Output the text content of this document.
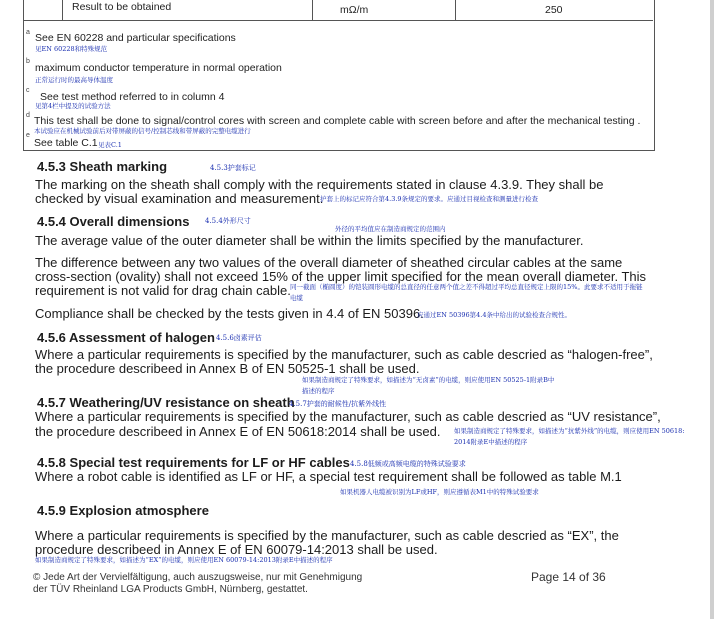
Result to be obtained	mΩ/m	250
a See EN 60228 and particular specifications
见EN 60228和特殊规范
b
maximum conductor temperature in normal operation
正常运行时的最高导体温度
c
See test method referred to in column 4
见第4栏中提及的试验方法
d This test shall be done to signal/control cores with screen and complete cable with screen before and after the mechanical testing .
本试验应在机械试验前后对带屏蔽的信号/控制芯线和带屏蔽的完整电缆进行
e
See table C.1 见表C.1
4.5.3 Sheath marking	4.5.3护套标记
The marking on the sheath shall comply with the requirements stated in clause 4.3.9. They shall be
checked by visual examination and measurement.
护套上的标记应符合第4.3.9条规定的要求。应通过目视检查和测量进行检查
4.5.4 Overall dimensions 4.5.4外形尺寸
外径的平均值应在制造商规定的范围内
The average value of the outer diameter shall be within the limits specified by the manufacturer.
The difference between any two values of the overall diameter of sheathed circular cables at the same
cross-section (ovality) shall not exceed 15% of the upper limit specified for the mean overall diameter. This
requirement is not valid for drag chain cable. 同一截面（椭圆度）的铠装圆形电缆的总直径的任意两个值之差不得超过平均总直径规定上限的15%。此要求不适用于拖链
电缆
Compliance shall be checked by the tests given in 4.4 of EN 50396.
应通过EN 50396第4.4条中给出的试验检查合规性。
4.5.6 Assessment of halogen 4.5.6卤素评估
Where a particular requirements is specified by the manufacturer, such as cable descried as “halogen-free”,
the procedure describeed in Annex B of EN 50525-1 shall be used.
如果制造商规定了特殊要求，如描述为“无卤素”的电缆，则应使用EN 50525-1附录B中
描述的程序
4.5.7 Weathering/UV resistance on sheath
4.5.7护套的耐候性/抗紫外线性
Where a particular requirements is specified by the manufacturer, such as cable descried as “UV resistance”,
the procedure describeed in Annex E of EN 50618:2014 shall be used. 如果制造商规定了特殊要求，如描述为“抗紫外线”的电缆，则应使用EN 50618:
2014附录E中描述的程序
4.5.8 Special test requirements for LF or HF cables 4.5.8低频或高频电缆的特殊试验要求
Where a robot cable is identified as LF or HF, a special test requirement shall be followed as table M.1
如果机器人电缆被识别为LF或HF，则应遵循表M1中的特殊试验要求
4.5.9 Explosion atmosphere
Where a particular requirements is specified by the manufacturer, such as cable descried as “EX”, the
procedure describeed in Annex E of EN 60079-14:2013 shall be used.
如果制造商规定了特殊要求，如描述为“EX”的电缆，则应使用EN 60079-14:2013附录E中描述的程序
© Jede Art der Vervielfältigung, auch auszugsweise, nur mit Genehmigung
der TÜV Rheinland LGA Products GmbH, Nürnberg, gestattet.
Page 14 of 36
